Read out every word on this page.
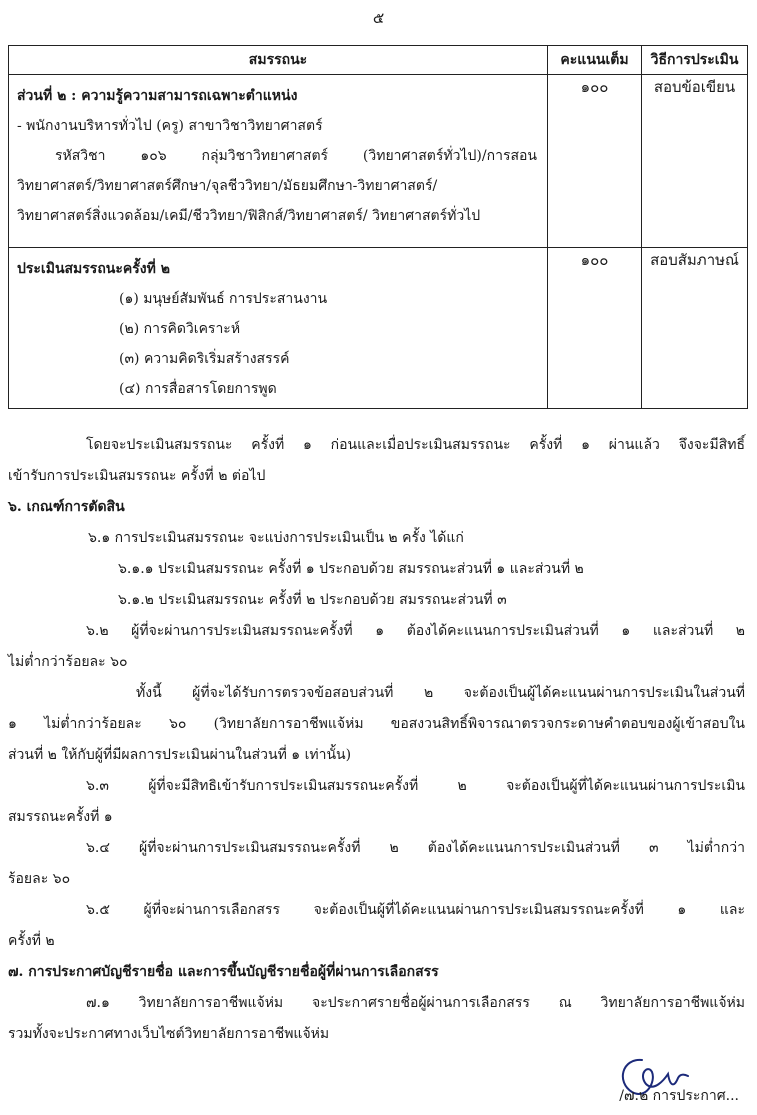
๕
สมรรถนะ	คะแนนเต็ม	วิธีการประเมิน

ส่วนที่ ๒ : ความรู้ความสามารถเฉพาะตำแหน่ง
- พนักงานบริหารทั่วไป (ครู) สาขาวิชาวิทยาศาสตร์
รหัสวิชา ๑๐๖ กลุ่มวิชาวิทยาศาสตร์ (วิทยาศาสตร์ทั่วไป)/การสอน
วิทยาศาสตร์/วิทยาศาสตร์ศึกษา/จุลชีววิทยา/มัธยมศึกษา-วิทยาศาสตร์/
วิทยาศาสตร์สิ่งแวดล้อม/เคมี/ชีววิทยา/ฟิสิกส์/วิทยาศาสตร์/ วิทยาศาสตร์ทั่วไป	๑๐๐	สอบข้อเขียน

ประเมินสมรรถนะครั้งที่ ๒
(๑) มนุษย์สัมพันธ์ การประสานงาน
(๒) การคิดวิเคราะห์
(๓) ความคิดริเริ่มสร้างสรรค์
(๔) การสื่อสารโดยการพูด	๑๐๐	สอบสัมภาษณ์

โดยจะประเมินสมรรถนะ ครั้งที่ ๑ ก่อนและเมื่อประเมินสมรรถนะ ครั้งที่ ๑ ผ่านแล้ว จึงจะมีสิทธิ์

เข้ารับการประเมินสมรรถนะ ครั้งที่ ๒ ต่อไป

๖. เกณฑ์การตัดสิน

๖.๑ การประเมินสมรรถนะ จะแบ่งการประเมินเป็น ๒ ครั้ง ได้แก่

๖.๑.๑ ประเมินสมรรถนะ ครั้งที่ ๑ ประกอบด้วย สมรรถนะส่วนที่ ๑ และส่วนที่ ๒

๖.๑.๒ ประเมินสมรรถนะ ครั้งที่ ๒ ประกอบด้วย สมรรถนะส่วนที่ ๓

๖.๒ ผู้ที่จะผ่านการประเมินสมรรถนะครั้งที่ ๑ ต้องได้คะแนนการประเมินส่วนที่ ๑ และส่วนที่ ๒

ไม่ต่ำกว่าร้อยละ ๖๐

ทั้งนี้ ผู้ที่จะได้รับการตรวจข้อสอบส่วนที่ ๒ จะต้องเป็นผู้ได้คะแนนผ่านการประเมินในส่วนที่

๑ ไม่ต่ำกว่าร้อยละ ๖๐ (วิทยาลัยการอาชีพแจ้ห่ม ขอสงวนสิทธิ์พิจารณาตรวจกระดาษคำตอบของผู้เข้าสอบใน

ส่วนที่ ๒ ให้กับผู้ที่มีผลการประเมินผ่านในส่วนที่ ๑ เท่านั้น)

๖.๓ ผู้ที่จะมีสิทธิเข้ารับการประเมินสมรรถนะครั้งที่ ๒ จะต้องเป็นผู้ที่ได้คะแนนผ่านการประเมิน

สมรรถนะครั้งที่ ๑

๖.๔ ผู้ที่จะผ่านการประเมินสมรรถนะครั้งที่ ๒ ต้องได้คะแนนการประเมินส่วนที่ ๓ ไม่ต่ำกว่า

ร้อยละ ๖๐

๖.๕ ผู้ที่จะผ่านการเลือกสรร จะต้องเป็นผู้ที่ได้คะแนนผ่านการประเมินสมรรถนะครั้งที่ ๑ และ

ครั้งที่ ๒

๗. การประกาศบัญชีรายชื่อ และการขึ้นบัญชีรายชื่อผู้ที่ผ่านการเลือกสรร

๗.๑ วิทยาลัยการอาชีพแจ้ห่ม จะประกาศรายชื่อผู้ผ่านการเลือกสรร ณ วิทยาลัยการอาชีพแจ้ห่ม

รวมทั้งจะประกาศทางเว็บไซต์วิทยาลัยการอาชีพแจ้ห่ม

/๗.๒ การประกาศ...
